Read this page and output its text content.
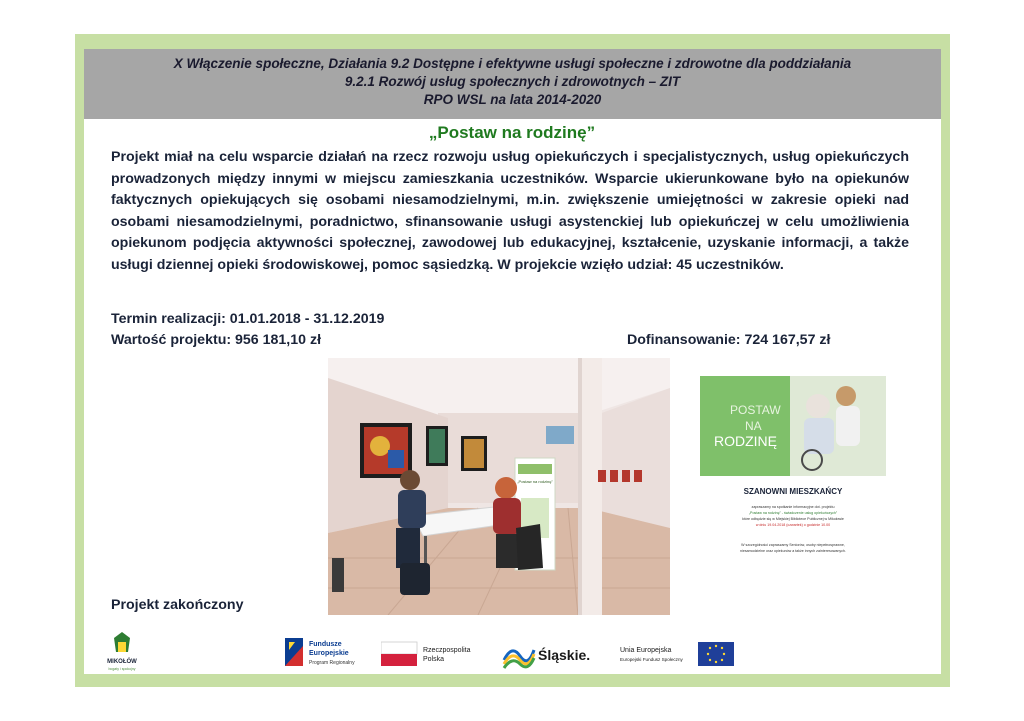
X Włączenie społeczne, Działania 9.2 Dostępne i efektywne usługi społeczne i zdrowotne dla poddziałania
9.2.1 Rozwój usług społecznych i zdrowotnych – ZIT
RPO WSL na lata 2014-2020
„Postaw na rodzinę”
Projekt miał na celu wsparcie działań na rzecz rozwoju usług opiekuńczych i specjalistycznych, usług opiekuńczych prowadzonych między innymi w miejscu zamieszkania uczestników. Wsparcie ukierunkowane było na opiekunów faktycznych opiekujących się osobami niesamodzielnymi, m.in. zwiększenie umiejętności w zakresie opieki nad osobami niesamodzielnymi, poradnictwo, sfinansowanie usługi asystenckiej lub opiekuńczej w celu umożliwienia opiekunom podjęcia aktywności społecznej, zawodowej lub edukacyjnej, kształcenie, uzyskanie informacji, a także usługi dziennej opieki środowiskowej, pomoc sąsiedzką. W projekcie wzięło udział: 45 uczestników.
Termin realizacji: 01.01.2018 - 31.12.2019
Wartość projektu: 956 181,10 zł	Dofinansowanie: 724 167,57 zł
Projekt zakończony
„Postaw na rodzinę”
POSTAW
NA
RODZINĘ
SZANOWNI MIESZKAŃCY
zapraszamy na spotkanie informacyjne dot. projektu
„Postaw na rodzinę” - świadczenie usług opiekuńczych”
które odbędzie się w Miejskiej Bibliotece Publicznej w Mikołowie
w dniu 19.04.2018 (czwartek) o godzinie 10.00
W szczególności zapraszamy Seniorów, osoby niepełnosprawne,
niesamodzielne oraz opiekunów a także innych zainteresowanych.
MIKOŁÓW
bogaty i spokojny
Fundusze
Europejskie
Program Regionalny
Rzeczpospolita
Polska	Śląskie.	Unia Europejska
Europejski Fundusz Społeczny
